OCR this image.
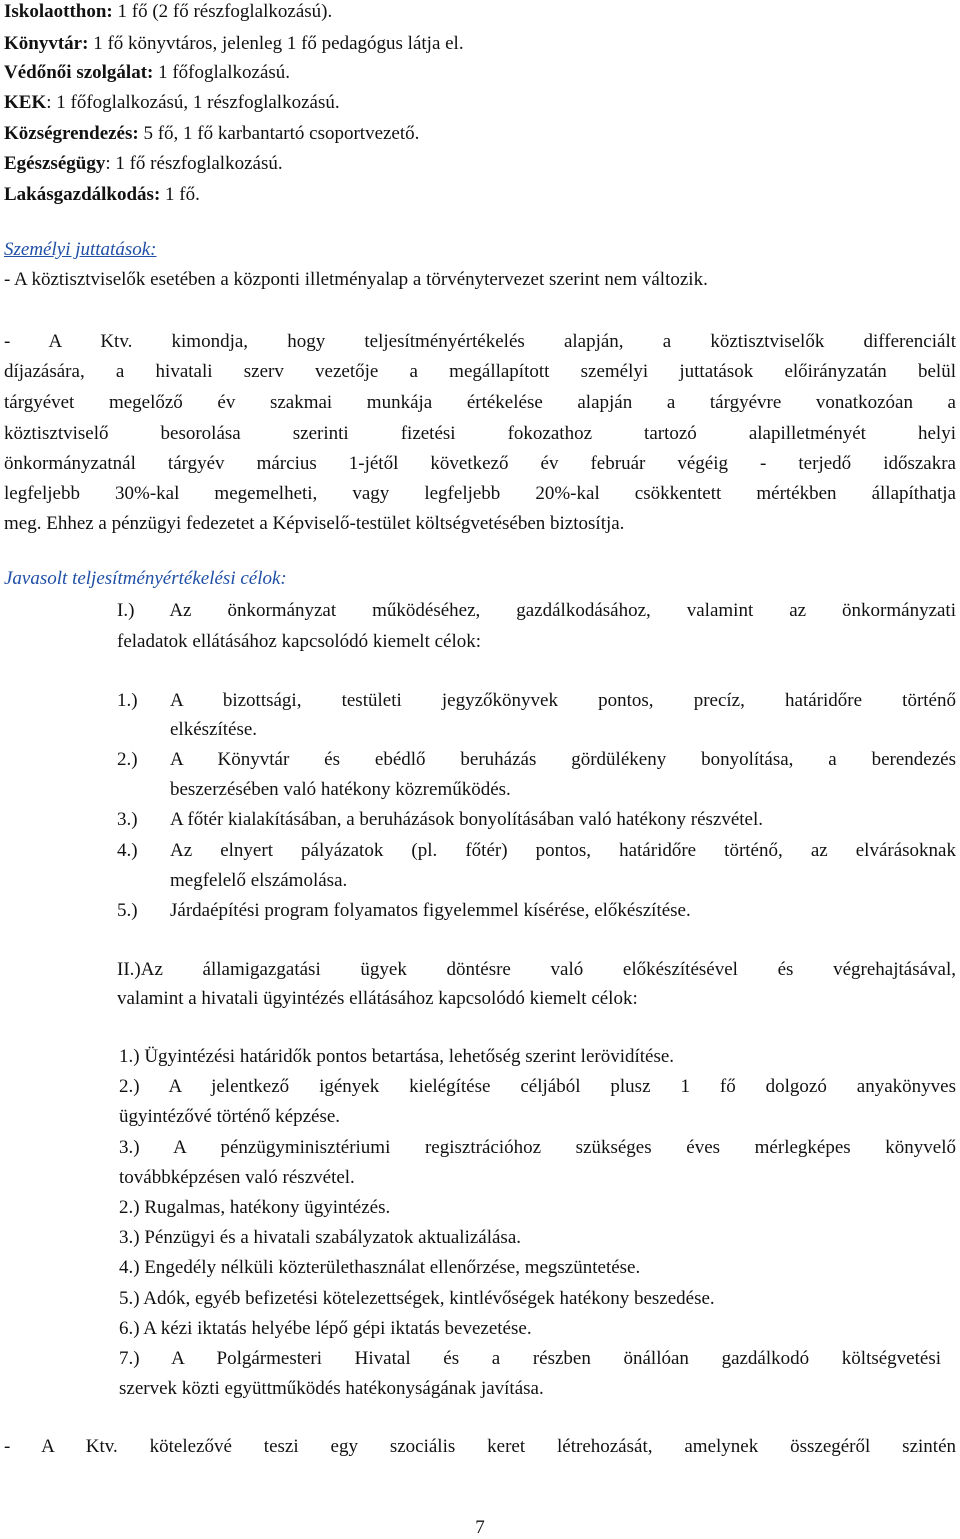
Iskolaotthon: 1 fő (2 fő részfoglalkozású).
Könyvtár: 1 fő könyvtáros, jelenleg 1 fő pedagógus látja el.
Védőnői szolgálat: 1 főfoglalkozású.
KEK: 1 főfoglalkozású, 1 részfoglalkozású.
Községrendezés: 5 fő, 1 fő karbantartó csoportvezető.
Egészségügy: 1 fő részfoglalkozású.
Lakásgazdálkodás: 1 fő.
Személyi juttatások:
- A köztisztviselők esetében a központi illetményalap a törvénytervezet szerint nem változik.
- A Ktv. kimondja, hogy teljesítményértékelés alapján, a köztisztviselők differenciált
díjazására, a hivatali szerv vezetője a megállapított személyi juttatások előirányzatán belül
tárgyévet megelőző év szakmai munkája értékelése alapján a tárgyévre vonatkozóan a
köztisztviselő besorolása szerinti fizetési fokozathoz tartozó alapilletményét helyi
önkormányzatnál tárgyév március 1-jétől következő év február végéig - terjedő időszakra
legfeljebb 30%-kal megemelheti, vagy legfeljebb 20%-kal csökkentett mértékben állapíthatja
meg. Ehhez a pénzügyi fedezetet a Képviselő-testület költségvetésében biztosítja.
Javasolt teljesítményértékelési célok:
I.) Az önkormányzat működéséhez, gazdálkodásához, valamint az önkormányzati
feladatok ellátásához kapcsolódó kiemelt célok:
1.) A bizottsági, testületi jegyzőkönyvek pontos, precíz, határidőre történő
elkészítése.
2.) A Könyvtár és ebédlő beruházás gördülékeny bonyolítása, a berendezés
beszerzésében való hatékony közreműködés.
3.) A főtér kialakításában, a beruházások bonyolításában való hatékony részvétel.
4.) Az elnyert pályázatok (pl. főtér) pontos, határidőre történő, az elvárásoknak
megfelelő elszámolása.
5.) Járdaépítési program folyamatos figyelemmel kísérése, előkészítése.
II.)Az államigazgatási ügyek döntésre való előkészítésével és végrehajtásával,
valamint a hivatali ügyintézés ellátásához kapcsolódó kiemelt célok:
1.) Ügyintézési határidők pontos betartása, lehetőség szerint lerövidítése.
2.) A jelentkező igények kielégítése céljából plusz 1 fő dolgozó anyakönyves
ügyintézővé történő képzése.
3.) A pénzügyminisztériumi regisztrációhoz szükséges éves mérlegképes könyvelő
továbbképzésen való részvétel.
2.) Rugalmas, hatékony ügyintézés.
3.) Pénzügyi és a hivatali szabályzatok aktualizálása.
4.) Engedély nélküli közterülethasználat ellenőrzése, megszüntetése.
5.) Adók, egyéb befizetési kötelezettségek, kintlévőségek hatékony beszedése.
6.) A kézi iktatás helyébe lépő gépi iktatás bevezetése.
7.) A Polgármesteri Hivatal és a részben önállóan gazdálkodó költségvetési
szervek közti együttműködés hatékonyságának javítása.
- A Ktv. kötelezővé teszi egy szociális keret létrehozását, amelynek összegéről szintén
7
